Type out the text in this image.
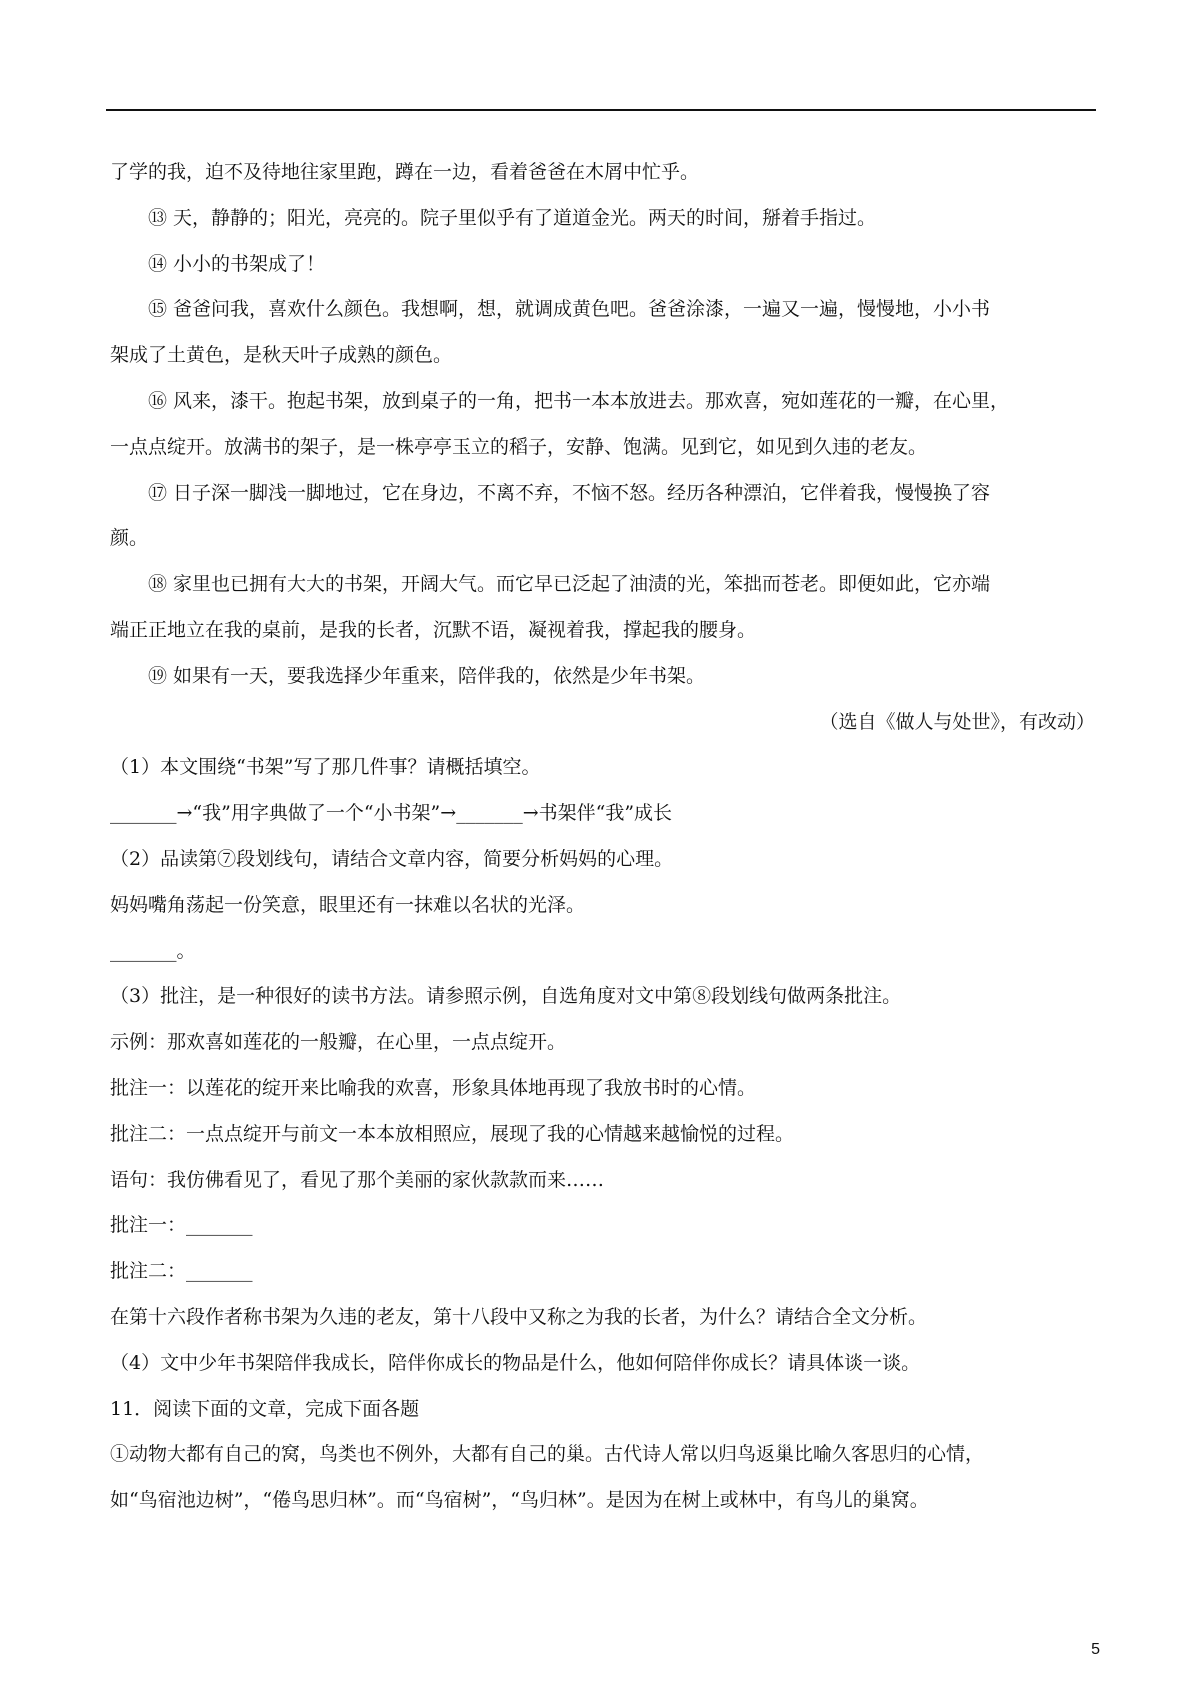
了学的我，迫不及待地往家里跑，蹲在一边，看着爸爸在木屑中忙乎。
⑬ 天，静静的；阳光，亮亮的。院子里似乎有了道道金光。两天的时间，掰着手指过。
⑭ 小小的书架成了！
⑮ 爸爸问我，喜欢什么颜色。我想啊，想，就调成黄色吧。爸爸涂漆，一遍又一遍，慢慢地，小小书
架成了土黄色，是秋天叶子成熟的颜色。
⑯ 风来，漆干。抱起书架，放到桌子的一角，把书一本本放进去。那欢喜，宛如莲花的一瓣，在心里，
一点点绽开。放满书的架子，是一株亭亭玉立的稻子，安静、饱满。见到它，如见到久违的老友。
⑰ 日子深一脚浅一脚地过，它在身边，不离不弃，不恼不怒。经历各种漂泊，它伴着我，慢慢换了容
颜。
⑱ 家里也已拥有大大的书架，开阔大气。而它早已泛起了油渍的光，笨拙而苍老。即便如此，它亦端
端正正地立在我的桌前，是我的长者，沉默不语，凝视着我，撑起我的腰身。
⑲ 如果有一天，要我选择少年重来，陪伴我的，依然是少年书架。
（选自《做人与处世》，有改动）
（1）本文围绕“书架”写了那几件事？请概括填空。
_______→“我”用字典做了一个“小书架”→_______→书架伴“我”成长
（2）品读第⑦段划线句，请结合文章内容，简要分析妈妈的心理。
妈妈嘴角荡起一份笑意，眼里还有一抹难以名状的光泽。
_______。
（3）批注，是一种很好的读书方法。请参照示例，自选角度对文中第⑧段划线句做两条批注。
示例：那欢喜如莲花的一般瓣，在心里，一点点绽开。
批注一：以莲花的绽开来比喻我的欢喜，形象具体地再现了我放书时的心情。
批注二：一点点绽开与前文一本本放相照应，展现了我的心情越来越愉悦的过程。
语句：我仿佛看见了，看见了那个美丽的家伙款款而来……
批注一：_______
批注二：_______
在第十六段作者称书架为久违的老友，第十八段中又称之为我的长者，为什么？请结合全文分析。
（4）文中少年书架陪伴我成长，陪伴你成长的物品是什么，他如何陪伴你成长？请具体谈一谈。
11．阅读下面的文章，完成下面各题
①动物大都有自己的窝，鸟类也不例外，大都有自己的巢。古代诗人常以归鸟返巢比喻久客思归的心情，
如“鸟宿池边树”，“倦鸟思归林”。而“鸟宿树”，“鸟归林”。是因为在树上或林中，有鸟儿的巢窝。
5
